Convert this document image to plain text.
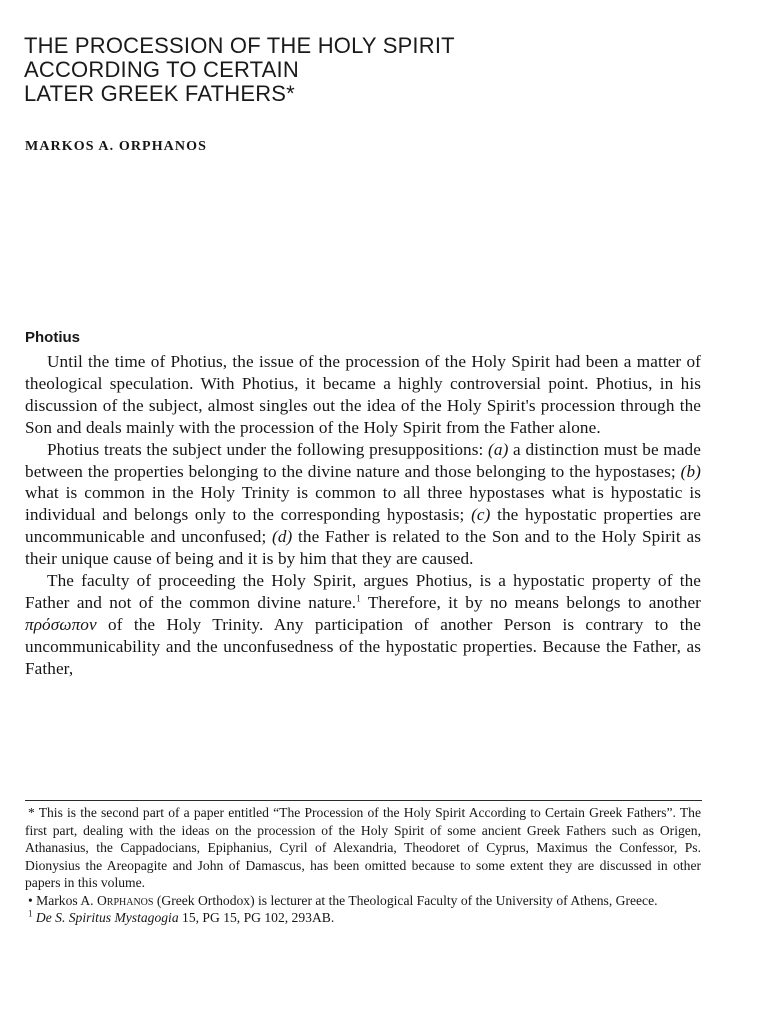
THE PROCESSION OF THE HOLY SPIRIT
ACCORDING TO CERTAIN
LATER GREEK FATHERS*
MARKOS A. ORPHANOS
Photius

Until the time of Photius, the issue of the procession of the Holy Spirit had been a matter of theological speculation. With Photius, it became a highly controversial point. Photius, in his discussion of the subject, almost singles out the idea of the Holy Spirit's procession through the Son and deals mainly with the procession of the Holy Spirit from the Father alone.

Photius treats the subject under the following presuppositions: (a) a distinction must be made between the properties belonging to the divine nature and those belonging to the hypostases; (b) what is common in the Holy Trinity is common to all three hypostases what is hypostatic is individual and belongs only to the corresponding hypostasis; (c) the hypostatic properties are uncommunicable and unconfused; (d) the Father is related to the Son and to the Holy Spirit as their unique cause of being and it is by him that they are caused.

The faculty of proceeding the Holy Spirit, argues Photius, is a hypostatic property of the Father and not of the common divine nature.$^1$ Therefore, it by no means belongs to another πρόσωπον of the Holy Trinity. Any participation of another Person is contrary to the uncommunicability and the unconfusedness of the hypostatic properties. Because the Father, as Father,

* This is the second part of a paper entitled “The Procession of the Holy Spirit According to Certain Greek Fathers”. The first part, dealing with the ideas on the procession of the Holy Spirit of some ancient Greek Fathers such as Origen, Athanasius, the Cappadocians, Epiphanius, Cyril of Alexandria, Theodoret of Cyprus, Maximus the Confessor, Ps. Dionysius the Areopagite and John of Damascus, has been omitted because to some extent they are discussed in other papers in this volume.

• Markos A. Orphanos (Greek Orthodox) is lecturer at the Theological Faculty of the University of Athens, Greece.

$^1$ De S. Spiritus Mystagogia 15, PG 15, PG 102, 293AB.
